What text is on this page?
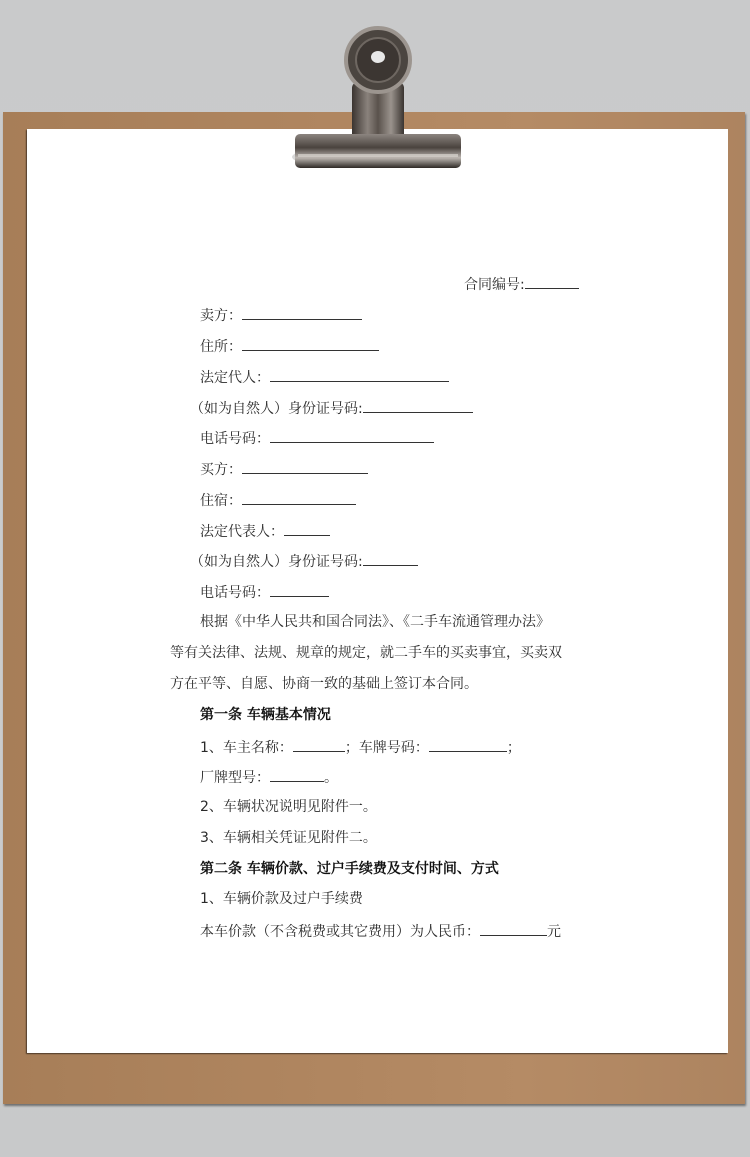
合同编号:
卖方：
住所：
法定代人：
（如为自然人）身份证号码:
电话号码：
买方：
住宿：
法定代表人：
（如为自然人）身份证号码:
电话号码：
根据《中华人民共和国合同法》、《二手车流通管理办法》
等有关法律、法规、规章的规定，就二手车的买卖事宜，买卖双
方在平等、自愿、协商一致的基础上签订本合同。
第一条 车辆基本情况
1、车主名称：	；车牌号码：	；
厂牌型号：	。
2、车辆状况说明见附件一。
3、车辆相关凭证见附件二。
第二条 车辆价款、过户手续费及支付时间、方式
1、车辆价款及过户手续费
本车价款（不含税费或其它费用）为人民币：	元
